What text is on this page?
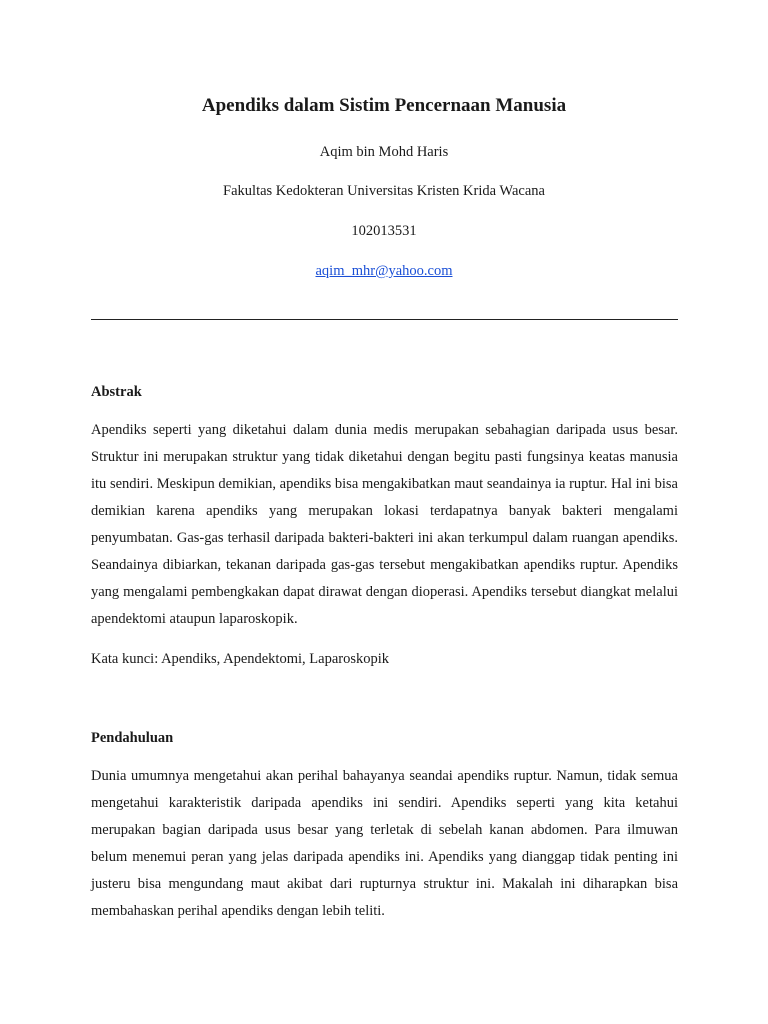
Apendiks dalam Sistim Pencernaan Manusia
Aqim bin Mohd Haris
Fakultas Kedokteran Universitas Kristen Krida Wacana
102013531
aqim_mhr@yahoo.com
Abstrak

Apendiks seperti yang diketahui dalam dunia medis merupakan sebahagian daripada usus besar. Struktur ini merupakan struktur yang tidak diketahui dengan begitu pasti fungsinya keatas manusia itu sendiri. Meskipun demikian, apendiks bisa mengakibatkan maut seandainya ia ruptur. Hal ini bisa demikian karena apendiks yang merupakan lokasi terdapatnya banyak bakteri mengalami penyumbatan. Gas-gas terhasil daripada bakteri-bakteri ini akan terkumpul dalam ruangan apendiks. Seandainya dibiarkan, tekanan daripada gas-gas tersebut mengakibatkan apendiks ruptur. Apendiks yang mengalami pembengkakan dapat dirawat dengan dioperasi. Apendiks tersebut diangkat melalui apendektomi ataupun laparoskopik.

Kata kunci: Apendiks, Apendektomi, Laparoskopik
Pendahuluan

Dunia umumnya mengetahui akan perihal bahayanya seandai apendiks ruptur. Namun, tidak semua mengetahui karakteristik daripada apendiks ini sendiri. Apendiks seperti yang kita ketahui merupakan bagian daripada usus besar yang terletak di sebelah kanan abdomen. Para ilmuwan belum menemui peran yang jelas daripada apendiks ini. Apendiks yang dianggap tidak penting ini justeru bisa mengundang maut akibat dari rupturnya struktur ini. Makalah ini diharapkan bisa membahaskan perihal apendiks dengan lebih teliti.
